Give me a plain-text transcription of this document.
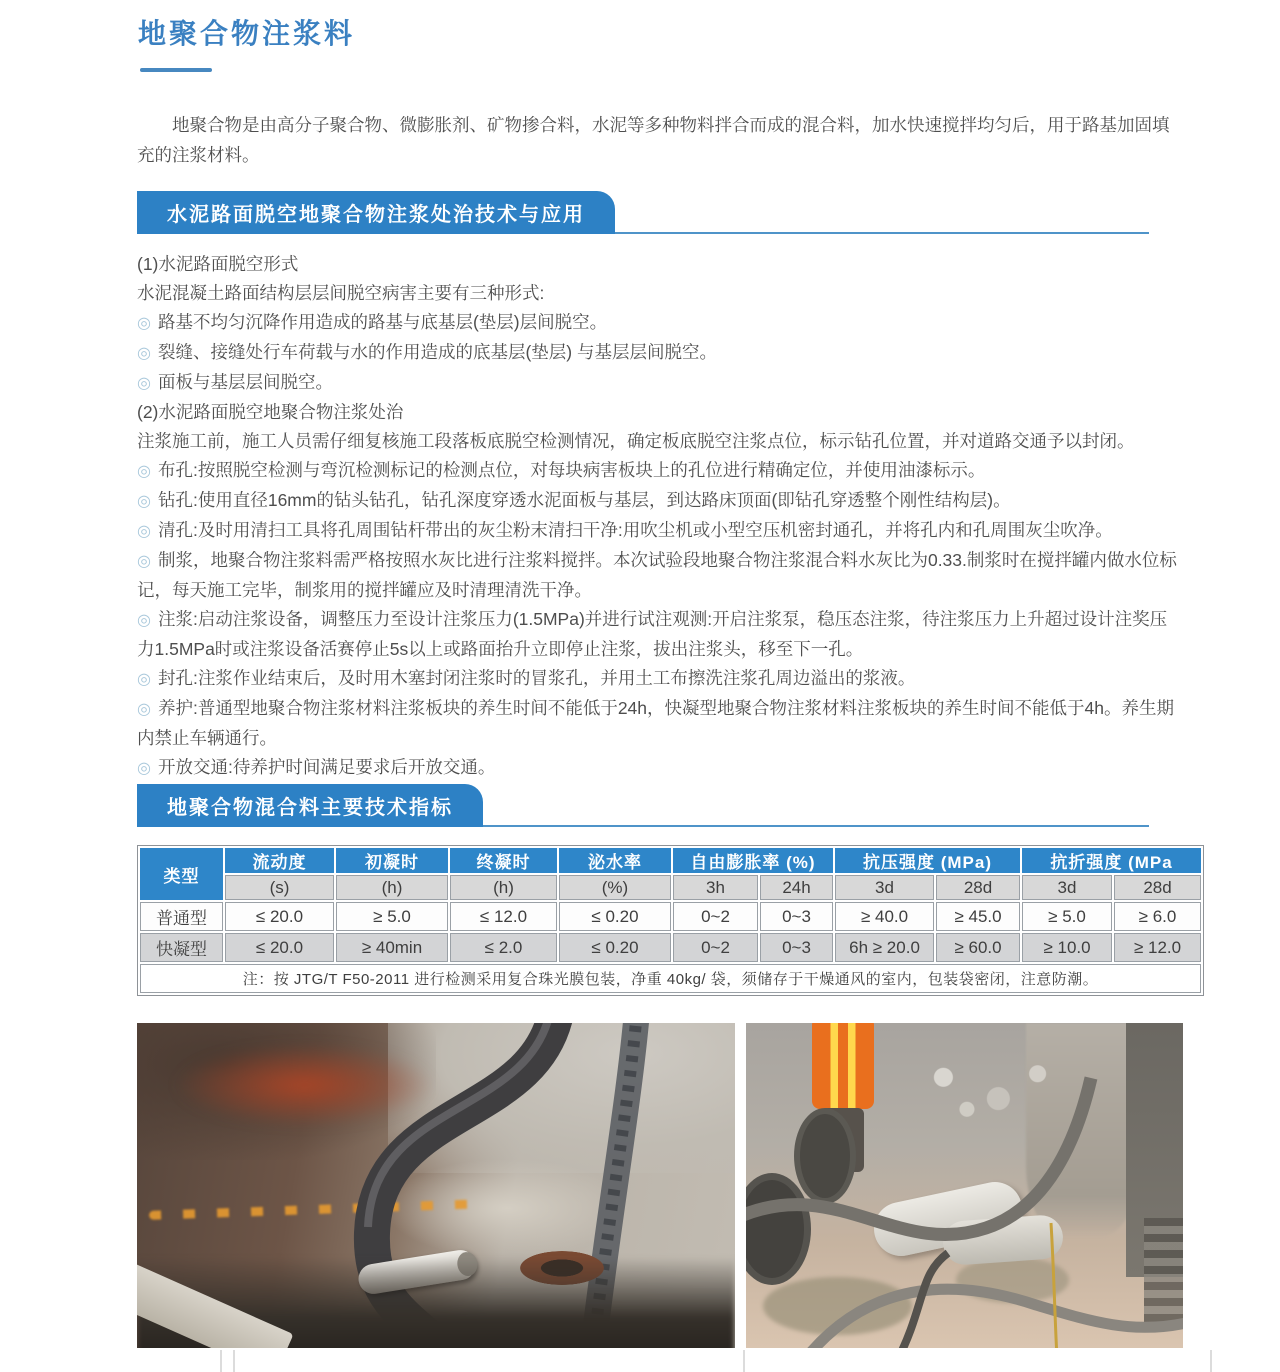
地聚合物注浆料
地聚合物是由高分子聚合物、微膨胀剂、矿物掺合料，水泥等多种物料拌合而成的混合料，加水快速搅拌均匀后，用于路基加固填充的注浆材料。
水泥路面脱空地聚合物注浆处治技术与应用

(1)水泥路面脱空形式

水泥混凝土路面结构层层间脱空病害主要有三种形式:

◎ 路基不均匀沉降作用造成的路基与底基层(垫层)层间脱空。

◎ 裂缝、接缝处行车荷载与水的作用造成的底基层(垫层) 与基层层间脱空。

◎ 面板与基层层间脱空。

(2)水泥路面脱空地聚合物注浆处治

注浆施工前，施工人员需仔细复核施工段落板底脱空检测情况，确定板底脱空注浆点位，标示钻孔位置，并对道路交通予以封闭。

◎ 布孔:按照脱空检测与弯沉检测标记的检测点位，对每块病害板块上的孔位进行精确定位，并使用油漆标示。

◎ 钻孔:使用直径16mm的钻头钻孔，钻孔深度穿透水泥面板与基层，到达路床顶面(即钻孔穿透整个刚性结构层)。

◎ 清孔:及时用清扫工具将孔周围钻杆带出的灰尘粉末清扫干净:用吹尘机或小型空压机密封通孔，并将孔内和孔周围灰尘吹净。

◎ 制浆，地聚合物注浆料需严格按照水灰比进行注浆料搅拌。本次试验段地聚合物注浆混合料水灰比为0.33.制浆时在搅拌罐内做水位标记，每天施工完毕，制浆用的搅拌罐应及时清理清洗干净。

◎ 注浆:启动注浆设备，调整压力至设计注浆压力(1.5MPa)并进行试注观测:开启注浆泵，稳压态注浆，待注浆压力上升超过设计注奖压力1.5MPa时或注浆设备活赛停止5s以上或路面抬升立即停止注浆，拔出注浆头，移至下一孔。

◎ 封孔:注浆作业结束后，及时用木塞封闭注浆时的冒浆孔，并用土工布擦洗注浆孔周边溢出的浆液。

◎ 养护:普通型地聚合物注浆材料注浆板块的养生时间不能低于24h，快凝型地聚合物注浆材料注浆板块的养生时间不能低于4h。养生期内禁止车辆通行。

◎ 开放交通:待养护时间满足要求后开放交通。

地聚合物混合料主要技术指标
类型	流动度	初凝时	终凝时	泌水率	自由膨胀率 (%)		抗压强度 (MPa)		抗折强度 (MPa	
	(s)	(h)	(h)	(%)	3h	24h	3d	28d	3d	28d
普通型	≤ 20.0	≥ 5.0	≤ 12.0	≤ 0.20	0~2	0~3	≥ 40.0	≥ 45.0	≥ 5.0	≥ 6.0
快凝型	≤ 20.0	≥ 40min	≤ 2.0	≤ 0.20	0~2	0~3	6h ≥ 20.0	≥ 60.0	≥ 10.0	≥ 12.0
注：按 JTG/T F50-2011 进行检测采用复合珠光膜包装，净重 40kg/ 袋，须储存于干燥通风的室内，包装袋密闭，注意防潮。										
